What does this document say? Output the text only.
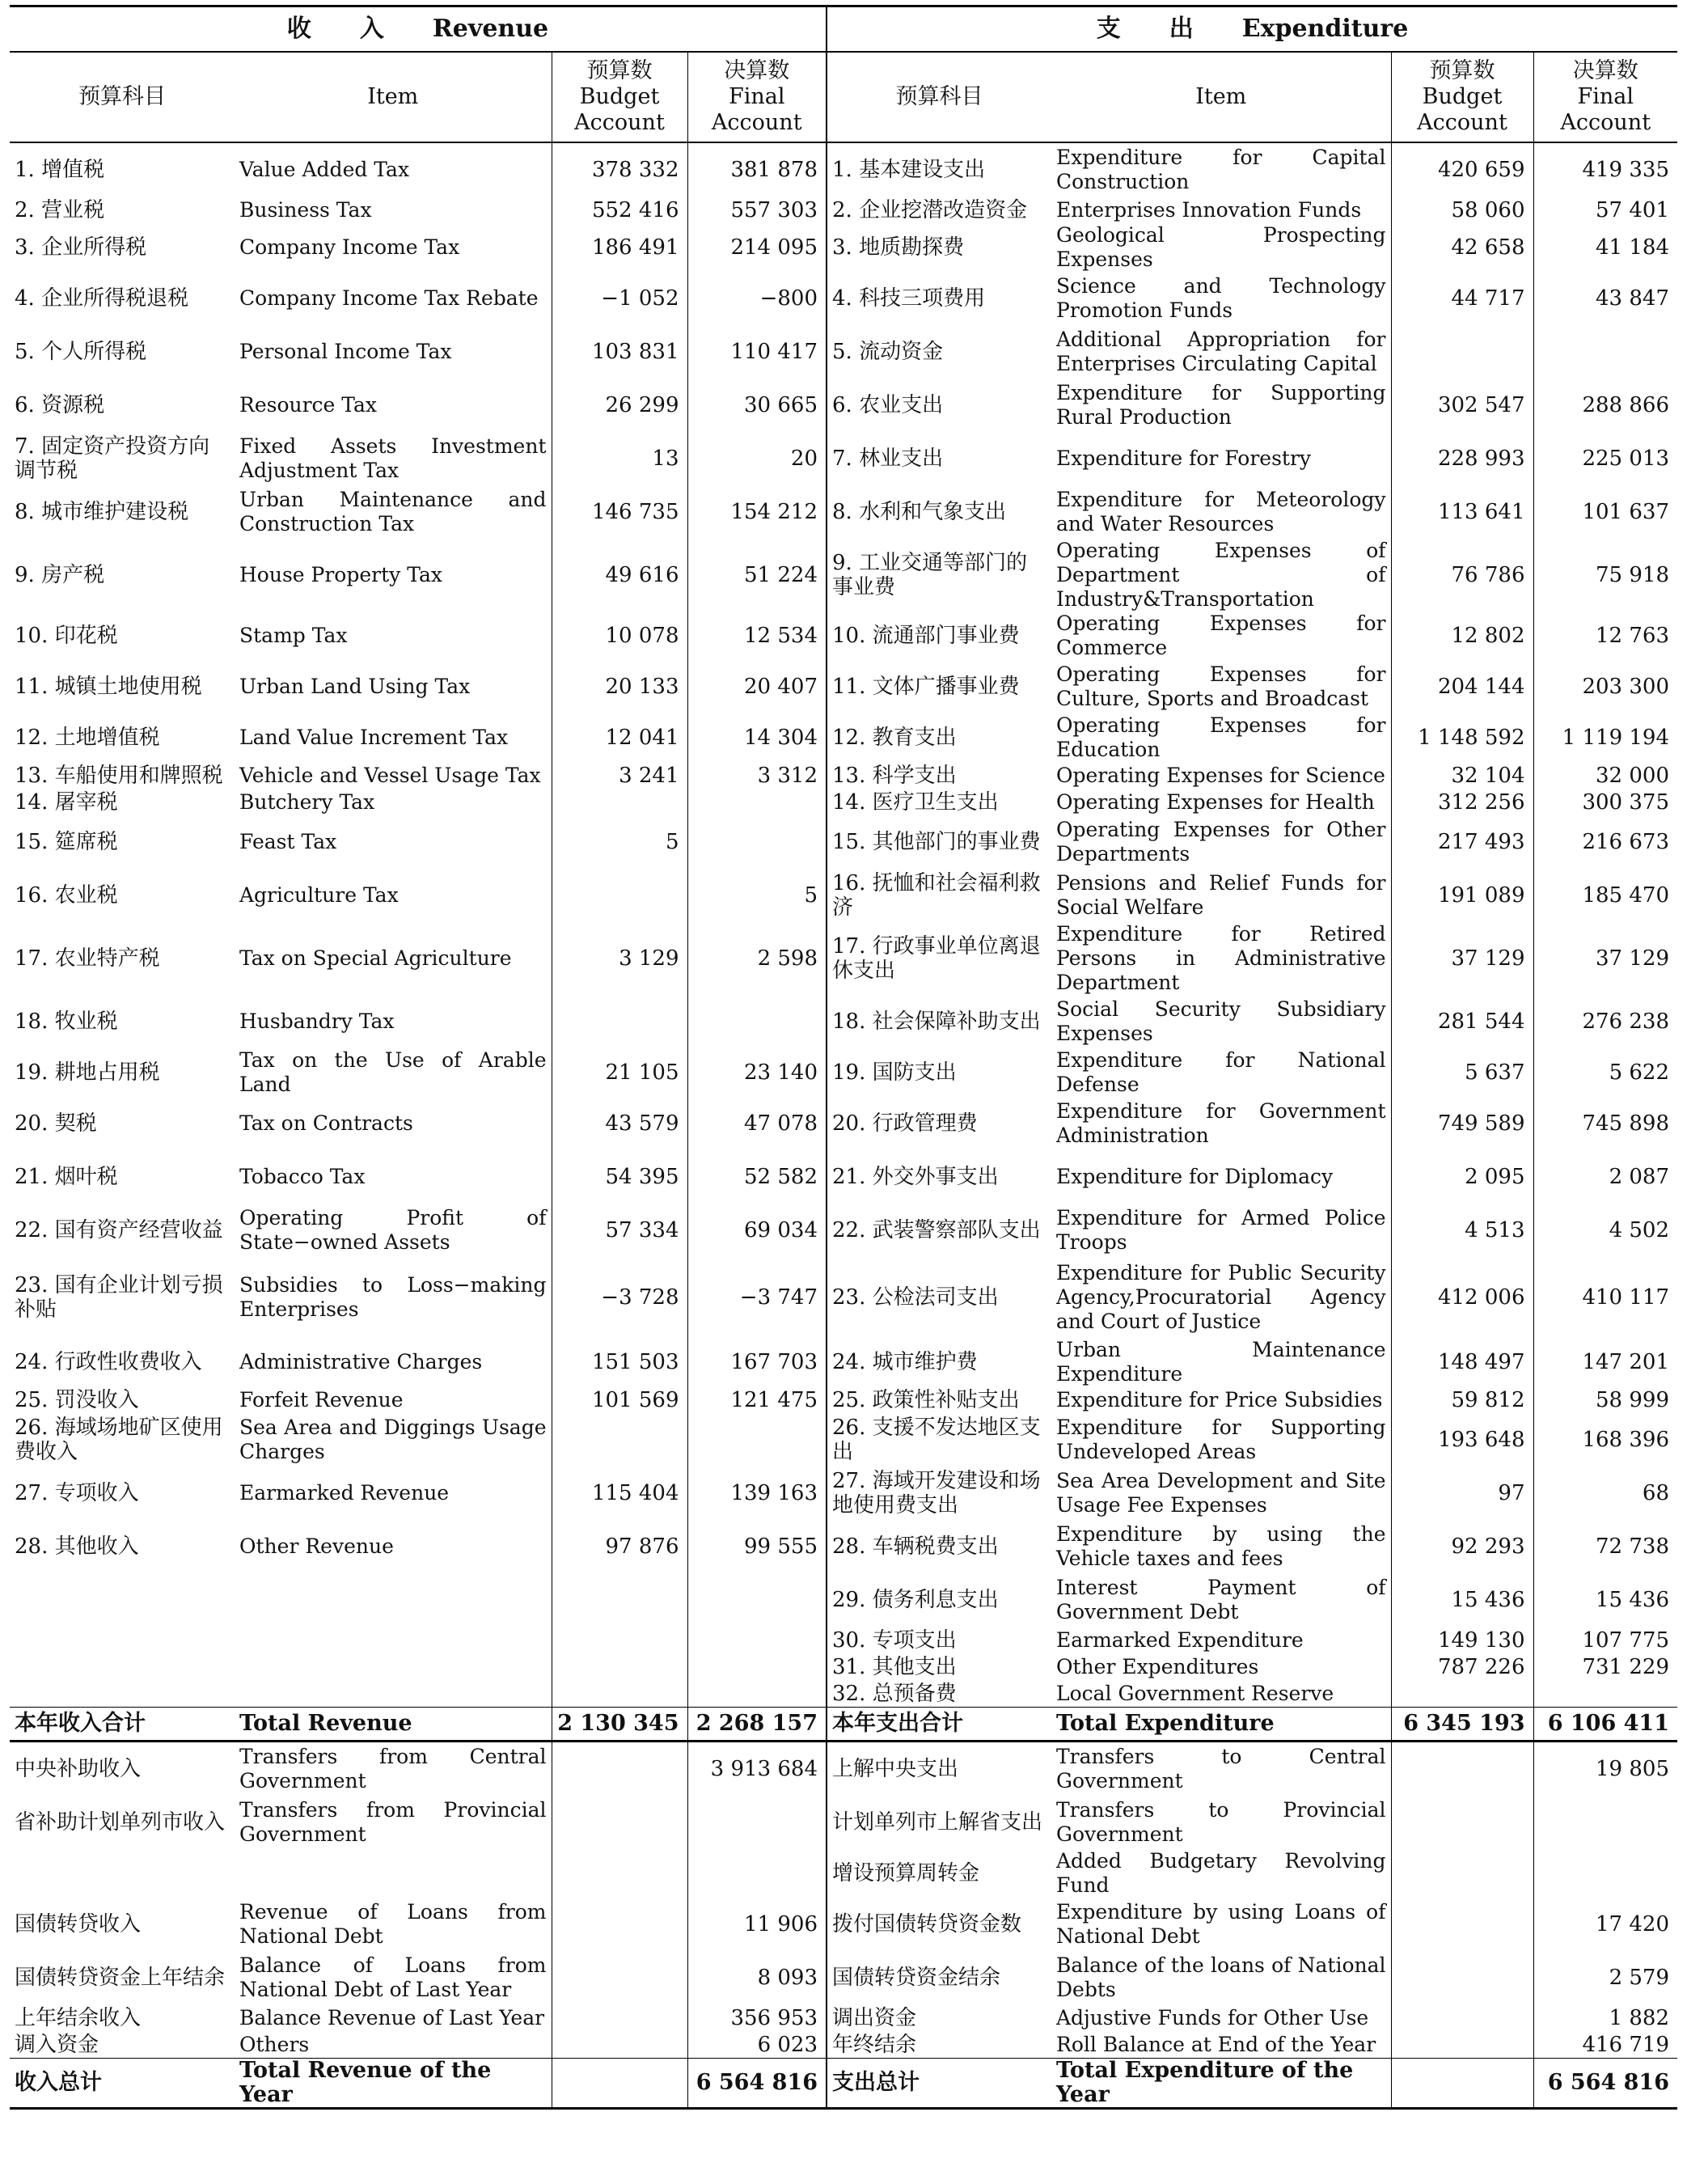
收　　入 Revenue				支　　出 Expenditure			
预算科目	Item	预算数
Budget
Account	决算数
Final
Account	预算科目	Item	预算数
Budget
Account	决算数
Final
Account
1. 增值税	Value Added Tax	378 332	381 878	1. 基本建设支出	Expenditure for Capital Construction	420 659	419 335
2. 营业税	Business Tax	552 416	557 303	2. 企业挖潜改造资金	Enterprises Innovation Funds	58 060	57 401
3. 企业所得税	Company Income Tax	186 491	214 095	3. 地质勘探费	Geological Prospecting Expenses	42 658	41 184
4. 企业所得税退税	Company Income Tax Rebate	−1 052	−800	4. 科技三项费用	Science and Technology Promotion Funds	44 717	43 847
5. 个人所得税	Personal Income Tax	103 831	110 417	5. 流动资金	Additional Appropriation for Enterprises Circulating Capital		
6. 资源税	Resource Tax	26 299	30 665	6. 农业支出	Expenditure for Supporting Rural Production	302 547	288 866
7. 固定资产投资方向调节税	Fixed Assets Investment Adjustment Tax	13	20	7. 林业支出	Expenditure for Forestry	228 993	225 013
8. 城市维护建设税	Urban Maintenance and Construction Tax	146 735	154 212	8. 水利和气象支出	Expenditure for Meteorology and Water Resources	113 641	101 637
9. 房产税	House Property Tax	49 616	51 224	9. 工业交通等部门的事业费	Operating Expenses of Department of Industry&Transportation	76 786	75 918
10. 印花税	Stamp Tax	10 078	12 534	10. 流通部门事业费	Operating Expenses for Commerce	12 802	12 763
11. 城镇土地使用税	Urban Land Using Tax	20 133	20 407	11. 文体广播事业费	Operating Expenses for Culture, Sports and Broadcast	204 144	203 300
12. 土地增值税	Land Value Increment Tax	12 041	14 304	12. 教育支出	Operating Expenses for Education	1 148 592	1 119 194
13. 车船使用和牌照税	Vehicle and Vessel Usage Tax	3 241	3 312	13. 科学支出	Operating Expenses for Science	32 104	32 000
14. 屠宰税	Butchery Tax			14. 医疗卫生支出	Operating Expenses for Health	312 256	300 375
15. 筵席税	Feast Tax	5		15. 其他部门的事业费	Operating Expenses for Other Departments	217 493	216 673
16. 农业税	Agriculture Tax		5	16. 抚恤和社会福利救济	Pensions and Relief Funds for Social Welfare	191 089	185 470
17. 农业特产税	Tax on Special Agriculture	3 129	2 598	17. 行政事业单位离退休支出	Expenditure for Retired Persons in Administrative Department	37 129	37 129
18. 牧业税	Husbandry Tax			18. 社会保障补助支出	Social Security Subsidiary Expenses	281 544	276 238
19. 耕地占用税	Tax on the Use of Arable Land	21 105	23 140	19. 国防支出	Expenditure for National Defense	5 637	5 622
20. 契税	Tax on Contracts	43 579	47 078	20. 行政管理费	Expenditure for Government Administration	749 589	745 898
21. 烟叶税	Tobacco Tax	54 395	52 582	21. 外交外事支出	Expenditure for Diplomacy	2 095	2 087
22. 国有资产经营收益	Operating Profit of State−owned Assets	57 334	69 034	22. 武装警察部队支出	Expenditure for Armed Police Troops	4 513	4 502
23. 国有企业计划亏损补贴	Subsidies to Loss−making Enterprises	−3 728	−3 747	23. 公检法司支出	Expenditure for Public Security Agency,Procuratorial Agency and Court of Justice	412 006	410 117
24. 行政性收费收入	Administrative Charges	151 503	167 703	24. 城市维护费	Urban Maintenance Expenditure	148 497	147 201
25. 罚没收入	Forfeit Revenue	101 569	121 475	25. 政策性补贴支出	Expenditure for Price Subsidies	59 812	58 999
26. 海域场地矿区使用费收入	Sea Area and Diggings Usage Charges			26. 支援不发达地区支出	Expenditure for Supporting Undeveloped Areas	193 648	168 396
27. 专项收入	Earmarked Revenue	115 404	139 163	27. 海域开发建设和场地使用费支出	Sea Area Development and Site Usage Fee Expenses	97	68
28. 其他收入	Other Revenue	97 876	99 555	28. 车辆税费支出	Expenditure by using the Vehicle taxes and fees	92 293	72 738
				29. 债务利息支出	Interest Payment of Government Debt	15 436	15 436
				30. 专项支出	Earmarked Expenditure	149 130	107 775
				31. 其他支出	Other Expenditures	787 226	731 229
				32. 总预备费	Local Government Reserve		
本年收入合计	Total Revenue	2 130 345	2 268 157	本年支出合计	Total Expenditure	6 345 193	6 106 411
中央补助收入	Transfers from Central Government		3 913 684	上解中央支出	Transfers to Central Government		19 805
省补助计划单列市收入	Transfers from Provincial Government			计划单列市上解省支出	Transfers to Provincial Government		
				增设预算周转金	Added Budgetary Revolving Fund		
国债转贷收入	Revenue of Loans from National Debt		11 906	拨付国债转贷资金数	Expenditure by using Loans of National Debt		17 420
国债转贷资金上年结余	Balance of Loans from National Debt of Last Year		8 093	国债转贷资金结余	Balance of the loans of National Debts		2 579
上年结余收入	Balance Revenue of Last Year		356 953	调出资金	Adjustive Funds for Other Use		1 882
调入资金	Others		6 023	年终结余	Roll Balance at End of the Year		416 719
收入总计	Total Revenue of the Year		6 564 816	支出总计	Total Expenditure of the Year		6 564 816
